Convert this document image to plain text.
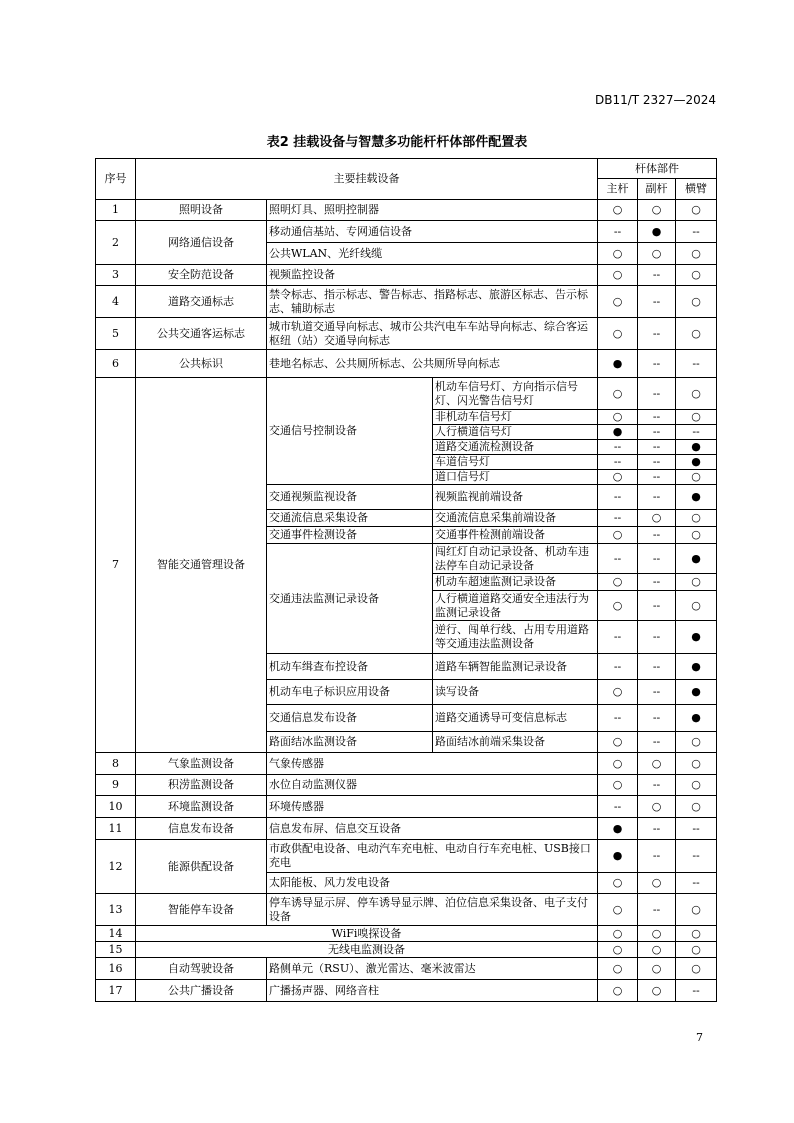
DB11/T 2327—2024
表2 挂载设备与智慧多功能杆杆体部件配置表
序号	主要挂载设备			杆体部件		
				主杆	副杆	横臂
1	照明设备	照明灯具、照明控制器		○	○	○
2	网络通信设备	移动通信基站、专网通信设备		--	●	--
		公共WLAN、光纤线缆		○	○	○
3	安全防范设备	视频监控设备		○	--	○
4	道路交通标志	禁令标志、指示标志、警告标志、指路标志、旅游区标志、告示标志、辅助标志		○	--	○
5	公共交通客运标志	城市轨道交通导向标志、城市公共汽电车车站导向标志、综合客运枢纽（站）交通导向标志		○	--	○
6	公共标识	巷地名标志、公共厕所标志、公共厕所导向标志		●	--	--
7	智能交通管理设备	交通信号控制设备	机动车信号灯、方向指示信号灯、闪光警告信号灯	○	--	○
			非机动车信号灯	○	--	○
			人行横道信号灯	●	--	--
			道路交通流检测设备	--	--	●
			车道信号灯	--	--	●
			道口信号灯	○	--	○
		交通视频监视设备	视频监视前端设备	--	--	●
		交通流信息采集设备	交通流信息采集前端设备	--	○	○
		交通事件检测设备	交通事件检测前端设备	○	--	○
		交通违法监测记录设备	闯红灯自动记录设备、机动车违法停车自动记录设备	--	--	●
			机动车超速监测记录设备	○	--	○
			人行横道道路交通安全违法行为监测记录设备	○	--	○
			逆行、闯单行线、占用专用道路等交通违法监测设备	--	--	●
		机动车缉查布控设备	道路车辆智能监测记录设备	--	--	●
		机动车电子标识应用设备	读写设备	○	--	●
		交通信息发布设备	道路交通诱导可变信息标志	--	--	●
		路面结冰监测设备	路面结冰前端采集设备	○	--	○
8	气象监测设备	气象传感器		○	○	○
9	积涝监测设备	水位自动监测仪器		○	--	○
10	环境监测设备	环境传感器		--	○	○
11	信息发布设备	信息发布屏、信息交互设备		●	--	--
12	能源供配设备	市政供配电设备、电动汽车充电桩、电动自行车充电桩、USB接口充电		●	--	--
		太阳能板、风力发电设备		○	○	--
13	智能停车设备	停车诱导显示屏、停车诱导显示牌、泊位信息采集设备、电子支付设备		○	--	○
14	WiFi嗅探设备			○	○	○
15	无线电监测设备			○	○	○
16	自动驾驶设备	路侧单元（RSU）、激光雷达、毫米波雷达		○	○	○
17	公共广播设备	广播扬声器、网络音柱		○	○	--
7
